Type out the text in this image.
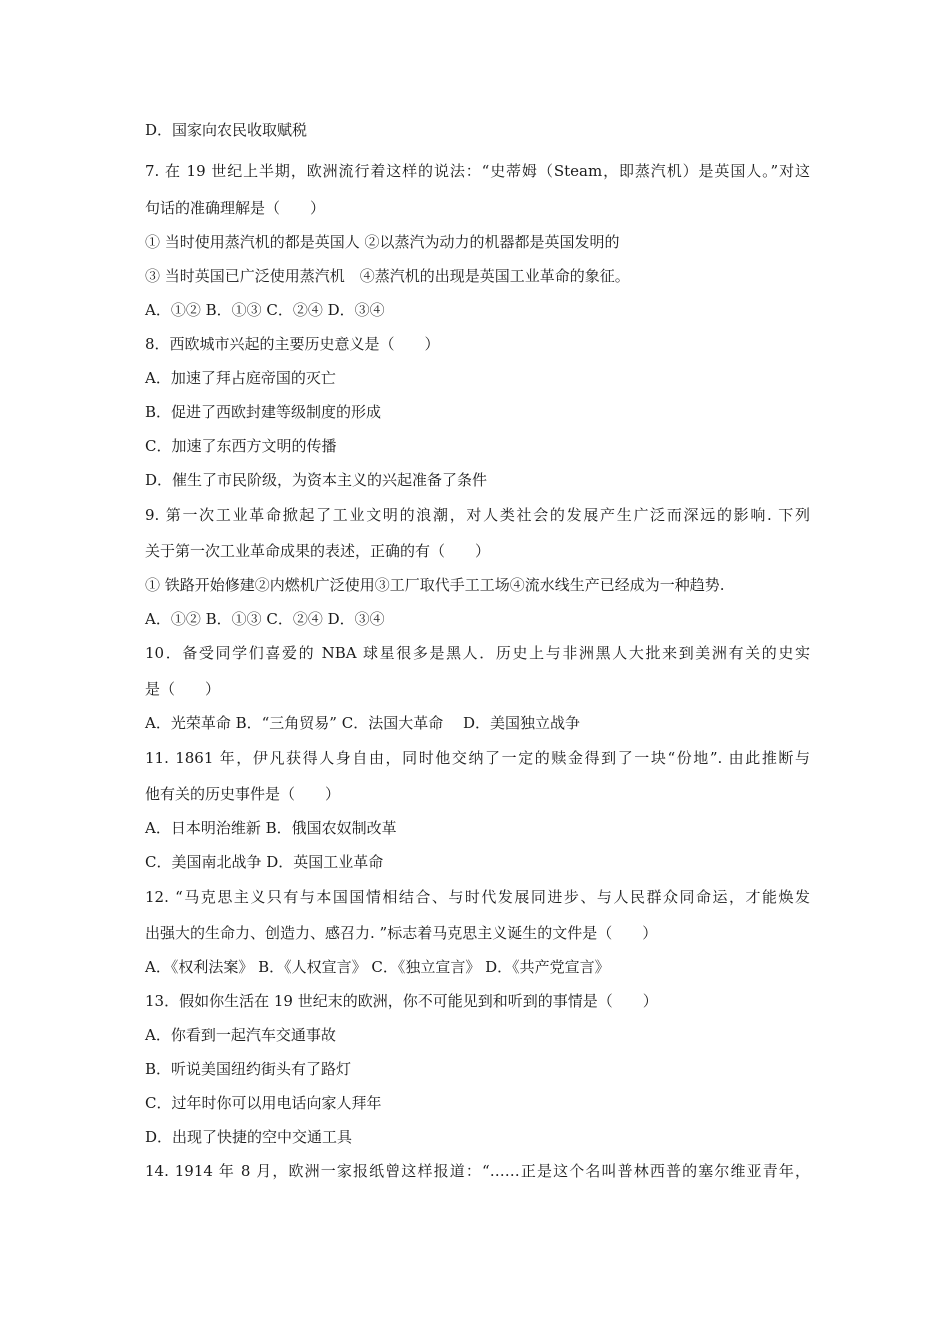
D．国家向农民收取赋税
7. 在 19 世纪上半期，欧洲流行着这样的说法：“史蒂姆（Steam，即蒸汽机）是英国人。”对这
句话的准确理解是（　　）
① 当时使用蒸汽机的都是英国人 ②以蒸汽为动力的机器都是英国发明的
③ 当时英国已广泛使用蒸汽机　④蒸汽机的出现是英国工业革命的象征。
A．①② B．①③ C．②④ D．③④
8．西欧城市兴起的主要历史意义是（　　）
A．加速了拜占庭帝国的灭亡
B．促进了西欧封建等级制度的形成
C．加速了东西方文明的传播
D．催生了市民阶级，为资本主义的兴起准备了条件
9. 第一次工业革命掀起了工业文明的浪潮，对人类社会的发展产生广泛而深远的影响. 下列
关于第一次工业革命成果的表述，正确的有（　　）
① 铁路开始修建②内燃机广泛使用③工厂取代手工工场④流水线生产已经成为一种趋势.
A．①② B．①③ C．②④ D．③④
10．备受同学们喜爱的 NBA 球星很多是黑人．历史上与非洲黑人大批来到美洲有关的史实
是（　　）
A．光荣革命 B．“三角贸易” C．法国大革命　 D．美国独立战争
11. 1861 年，伊凡获得人身自由，同时他交纳了一定的赎金得到了一块“份地”. 由此推断与
他有关的历史事件是（　　）
A．日本明治维新 B．俄国农奴制改革
C．美国南北战争 D．英国工业革命
12. “马克思主义只有与本国国情相结合、与时代发展同进步、与人民群众同命运，才能焕发
出强大的生命力、创造力、感召力. ”标志着马克思主义诞生的文件是（　　）
A．《权利法案》 B．《人权宣言》 C．《独立宣言》 D．《共产党宣言》
13．假如你生活在 19 世纪末的欧洲，你不可能见到和听到的事情是（　　）
A．你看到一起汽车交通事故
B．听说美国纽约街头有了路灯
C．过年时你可以用电话向家人拜年
D．出现了快捷的空中交通工具
14. 1914 年 8 月，欧洲一家报纸曾这样报道：“……正是这个名叫普林西普的塞尔维亚青年，
